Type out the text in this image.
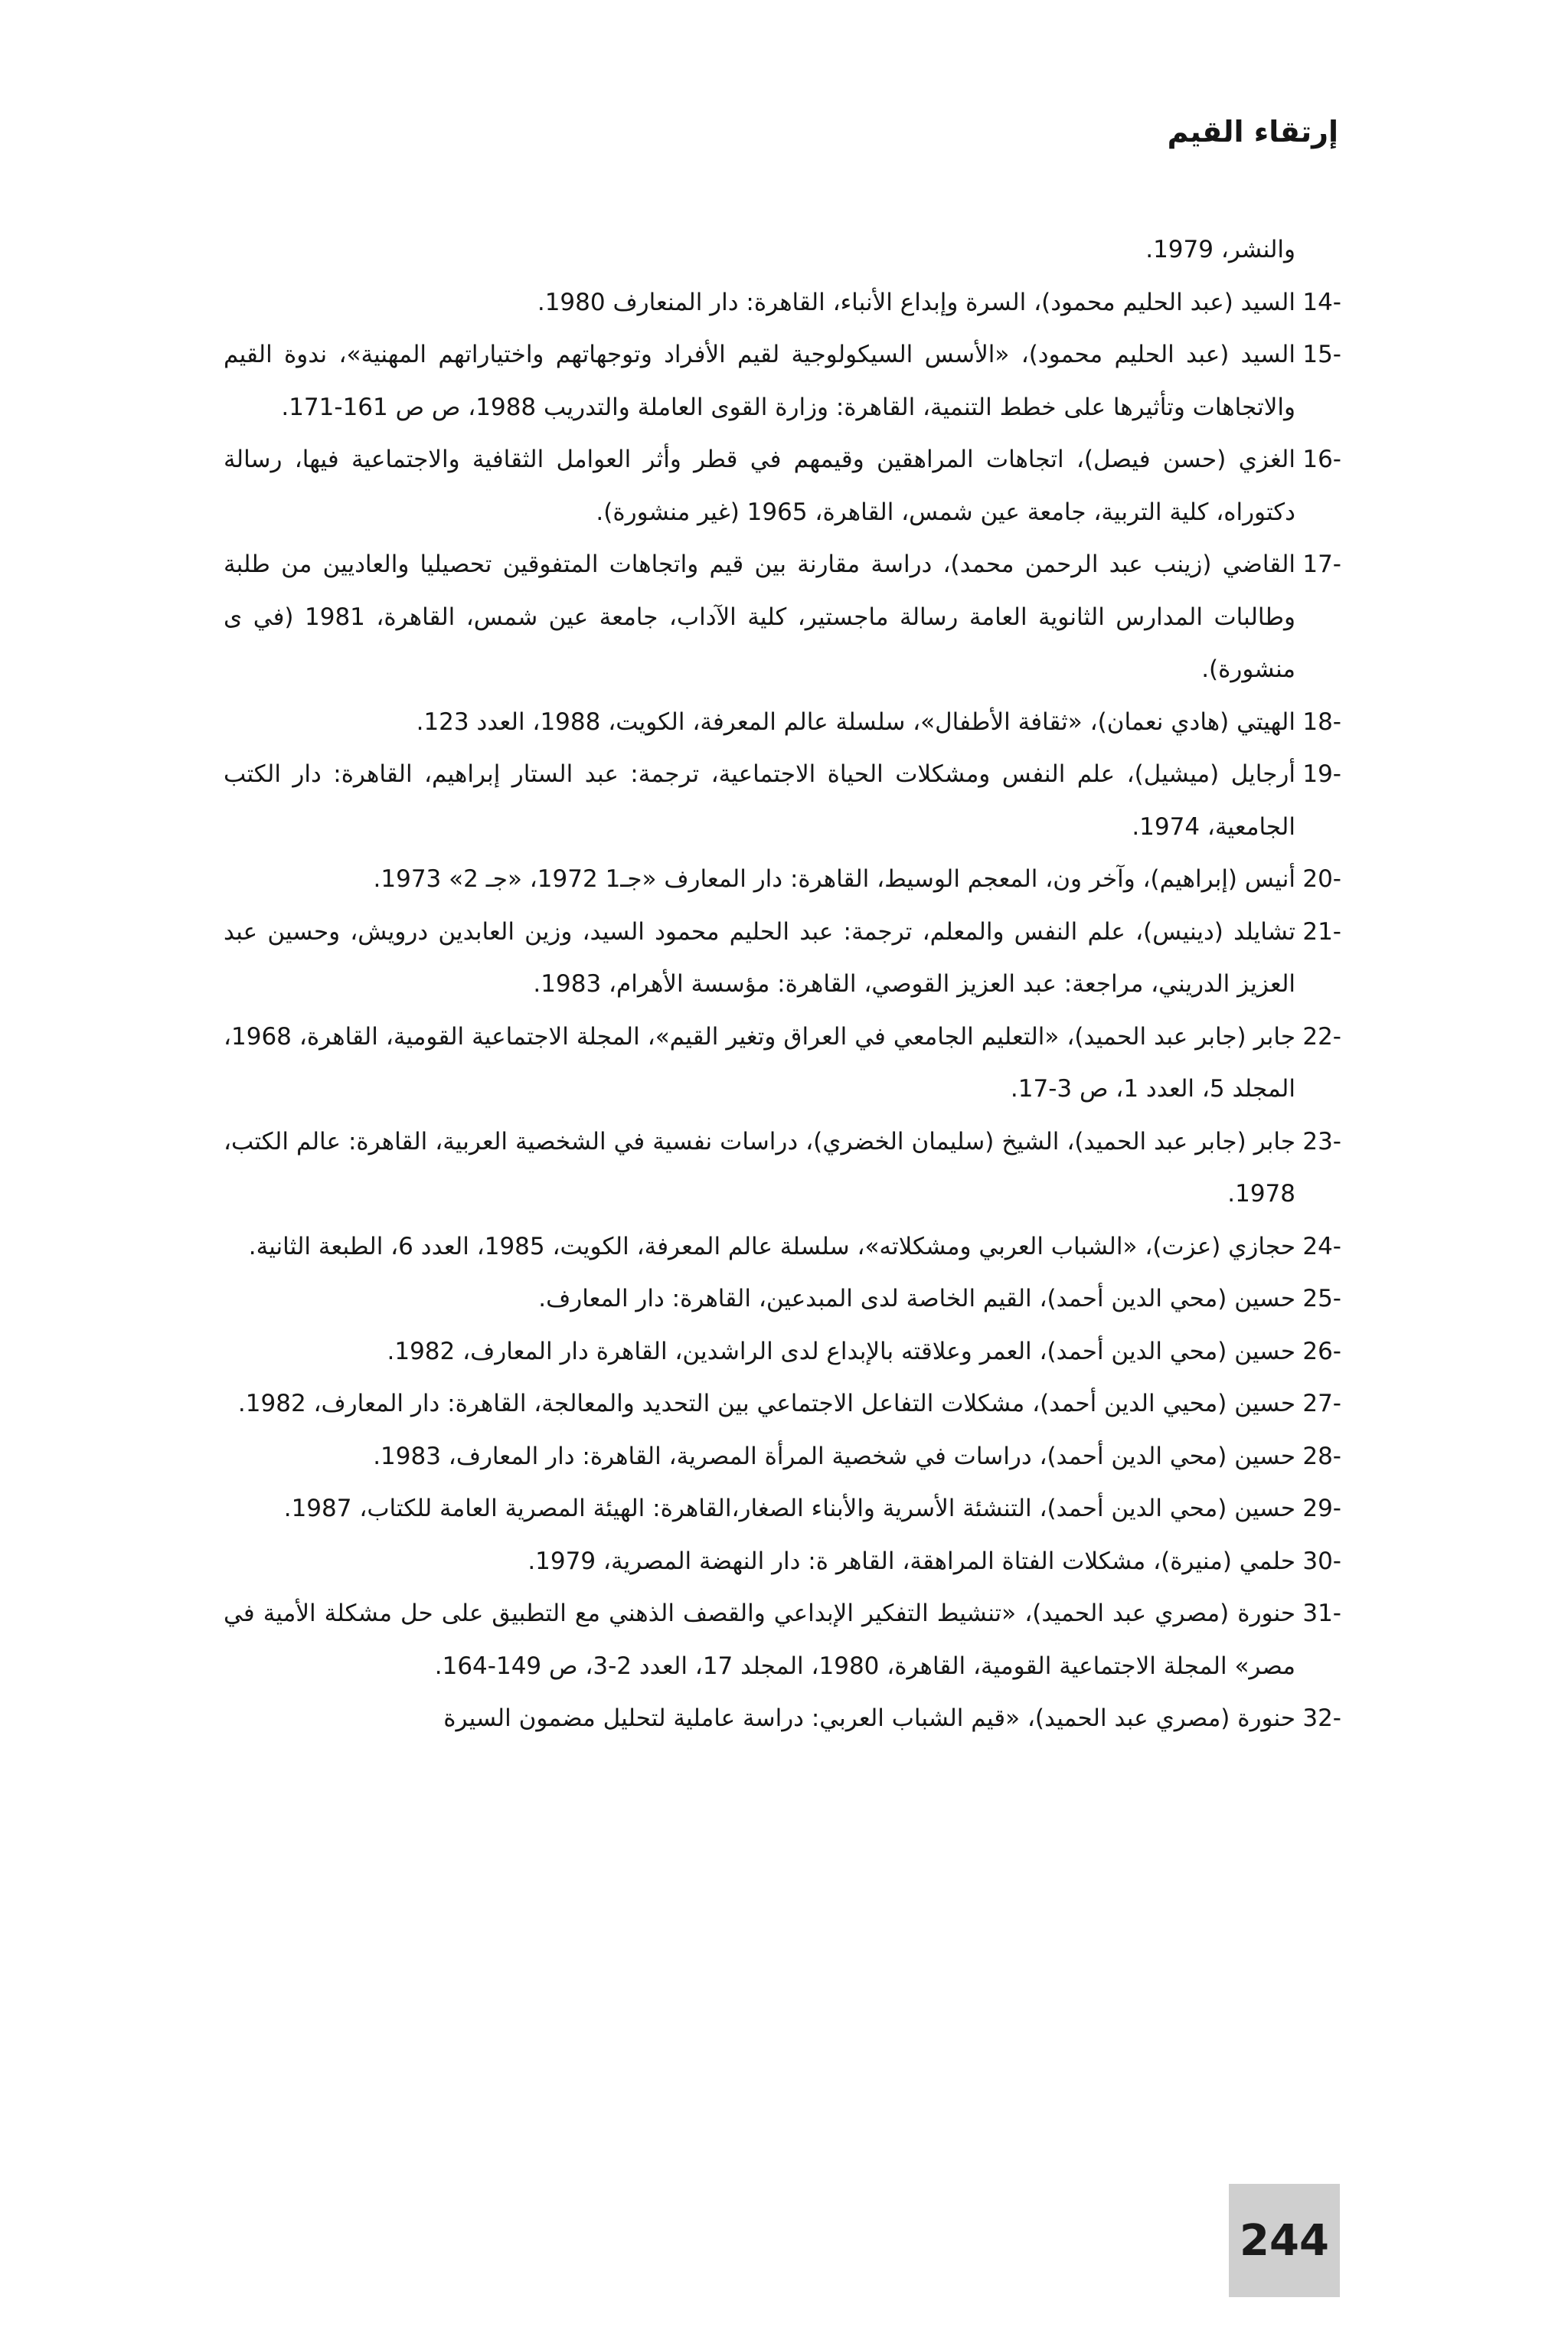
إرتقاء القيم

والنشر، 1979.

14-
السيد (عبد الحليم محمود)، السرة وإبداع الأنباء، القاهرة: دار المنعارف 1980.

15-
السيد (عبد الحليم محمود)، «الأسس السيكولوجية لقيم الأفراد وتوجهاتهم واختياراتهم المهنية»، ندوة القيم والاتجاهات وتأثيرها على خطط التنمية، القاهرة: وزارة القوى العاملة والتدريب 1988، ص ص 161-171.

16-
الغزي (حسن فيصل)، اتجاهات المراهقين وقيمهم في قطر وأثر العوامل الثقافية والاجتماعية فيها، رسالة دكتوراه، كلية التربية، جامعة عين شمس، القاهرة، 1965 (غير منشورة).

17-
القاضي (زينب عبد الرحمن محمد)، دراسة مقارنة بين قيم واتجاهات المتفوقين تحصيليا والعاديين من طلبة وطالبات المدارس الثانوية العامة رسالة ماجستير، كلية الآداب، جامعة عين شمس، القاهرة، 1981 (في ى منشورة).

18-
الهيتي (هادي نعمان)، «ثقافة الأطفال»، سلسلة عالم المعرفة، الكويت، 1988، العدد 123.

19-
أرجايل (ميشيل)، علم النفس ومشكلات الحياة الاجتماعية، ترجمة: عبد الستار إبراهيم، القاهرة: دار الكتب الجامعية، 1974.

20-
أنيس (إبراهيم)، وآخر ون، المعجم الوسيط، القاهرة: دار المعارف «جـ1 1972، «جـ 2» 1973.

21-
تشايلد (دينيس)، علم النفس والمعلم، ترجمة: عبد الحليم محمود السيد، وزين العابدين درويش، وحسين عبد العزيز الدريني، مراجعة: عبد العزيز القوصي، القاهرة: مؤسسة الأهرام، 1983.

22-
جابر (جابر عبد الحميد)، «التعليم الجامعي في العراق وتغير القيم»، المجلة الاجتماعية القومية، القاهرة، 1968، المجلد 5، العدد 1، ص 3-17.

23-
جابر (جابر عبد الحميد)، الشيخ (سليمان الخضري)، دراسات نفسية في الشخصية العربية، القاهرة: عالم الكتب، 1978.

24-
حجازي (عزت)، «الشباب العربي ومشكلاته»، سلسلة عالم المعرفة، الكويت، 1985، العدد 6، الطبعة الثانية.

25-
حسين (محي الدين أحمد)، القيم الخاصة لدى المبدعين، القاهرة: دار المعارف.

26-
حسين (محي الدين أحمد)، العمر وعلاقته بالإبداع لدى الراشدين، القاهرة دار المعارف، 1982.

27-
حسين (محيي الدين أحمد)، مشكلات التفاعل الاجتماعي بين التحديد والمعالجة، القاهرة: دار المعارف، 1982.

28-
حسين (محي الدين أحمد)، دراسات في شخصية المرأة المصرية، القاهرة: دار المعارف، 1983.

29-
حسين (محي الدين أحمد)، التنشئة الأسرية والأبناء الصغار،القاهرة: الهيئة المصرية العامة للكتاب، 1987.

30-
حلمي (منيرة)، مشكلات الفتاة المراهقة، القاهر ة: دار النهضة المصرية، 1979.

31-
حنورة (مصري عبد الحميد)، «تنشيط التفكير الإبداعي والقصف الذهني مع التطبيق على حل مشكلة الأمية في مصر» المجلة الاجتماعية القومية، القاهرة، 1980، المجلد 17، العدد 2-3، ص 149-164.

32-
حنورة (مصري عبد الحميد)، «قيم الشباب العربي: دراسة عاملية لتحليل مضمون السيرة

244
